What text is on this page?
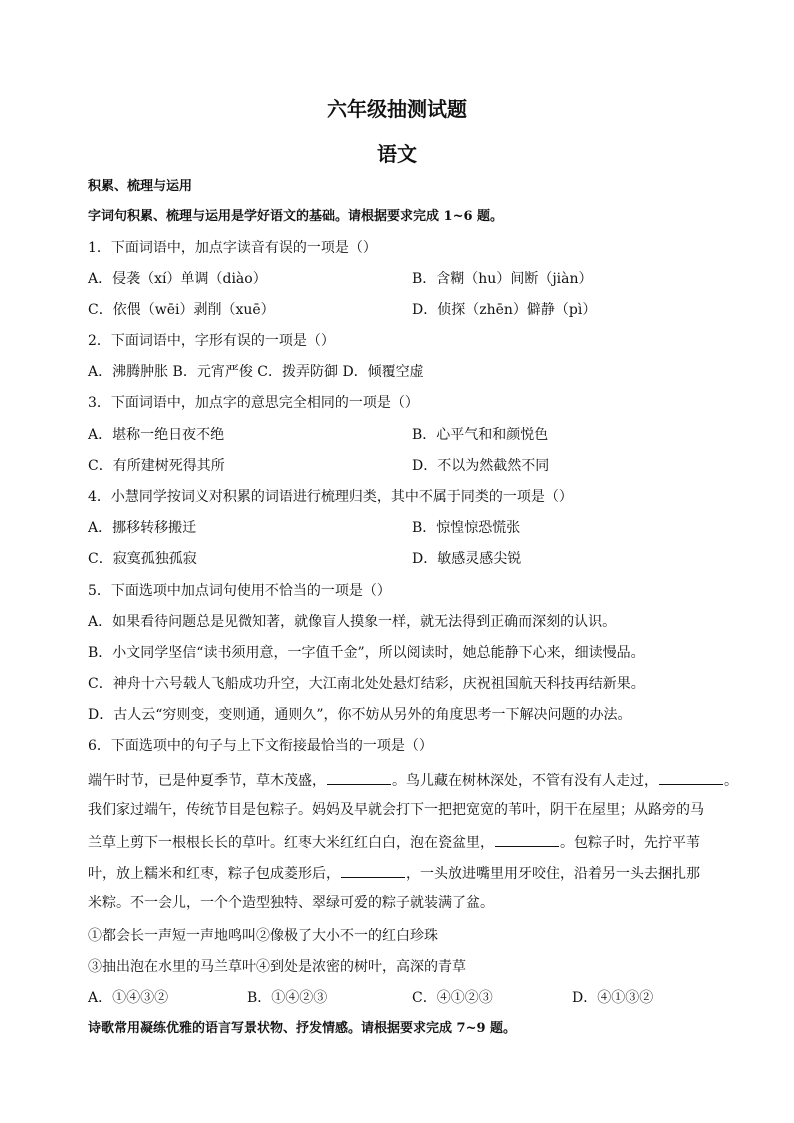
六年级抽测试题
语文
积累、梳理与运用
字词句积累、梳理与运用是学好语文的基础。请根据要求完成 1~6 题。
1．下面词语中，加点字读音有误的一项是（）
A．侵袭（xí）单调（diào）	B．含糊（hu）间断（jiàn）
C．依偎（wēi）剥削（xuē）	D．侦探（zhēn）僻静（pì）
2．下面词语中，字形有误的一项是（）
A．沸腾肿胀 B．元宵严俊 C．拨弄防御 D．倾覆空虚
3．下面词语中，加点字的意思完全相同的一项是（）
A．堪称一绝日夜不绝	B．心平气和和颜悦色
C．有所建树死得其所	D．不以为然截然不同
4．小慧同学按词义对积累的词语进行梳理归类，其中不属于同类的一项是（）
A．挪移转移搬迁	B．惊惶惊恐慌张
C．寂寞孤独孤寂	D．敏感灵感尖锐
5．下面选项中加点词句使用不恰当的一项是（）
A．如果看待问题总是见微知著，就像盲人摸象一样，就无法得到正确而深刻的认识。
B．小文同学坚信“读书须用意，一字值千金”，所以阅读时，她总能静下心来，细读慢品。
C．神舟十六号载人飞船成功升空，大江南北处处悬灯结彩，庆祝祖国航天科技再结新果。
D．古人云“穷则变，变则通，通则久”，你不妨从另外的角度思考一下解决问题的办法。
6．下面选项中的句子与上下文衔接最恰当的一项是（）
端午时节，已是仲夏季节，草木茂盛，	。鸟儿藏在树林深处，不管有没有人走过，	。
我们家过端午，传统节目是包粽子。妈妈及早就会打下一把把宽宽的苇叶，阴干在屋里；从路旁的马
兰草上剪下一根根长长的草叶。红枣大米红红白白，泡在瓷盆里，	。包粽子时，先拧平苇
叶，放上糯米和红枣，粽子包成菱形后，	，一头放进嘴里用牙咬住，沿着另一头去捆扎那
米粽。不一会儿，一个个造型独特、翠绿可爱的粽子就装满了盆。
①都会长一声短一声地鸣叫②像极了大小不一的红白珍珠
③抽出泡在水里的马兰草叶④到处是浓密的树叶，高深的青草
A．①④③②	B．①④②③	C．④①②③	D．④①③②
诗歌常用凝练优雅的语言写景状物、抒发情感。请根据要求完成 7~9 题。
